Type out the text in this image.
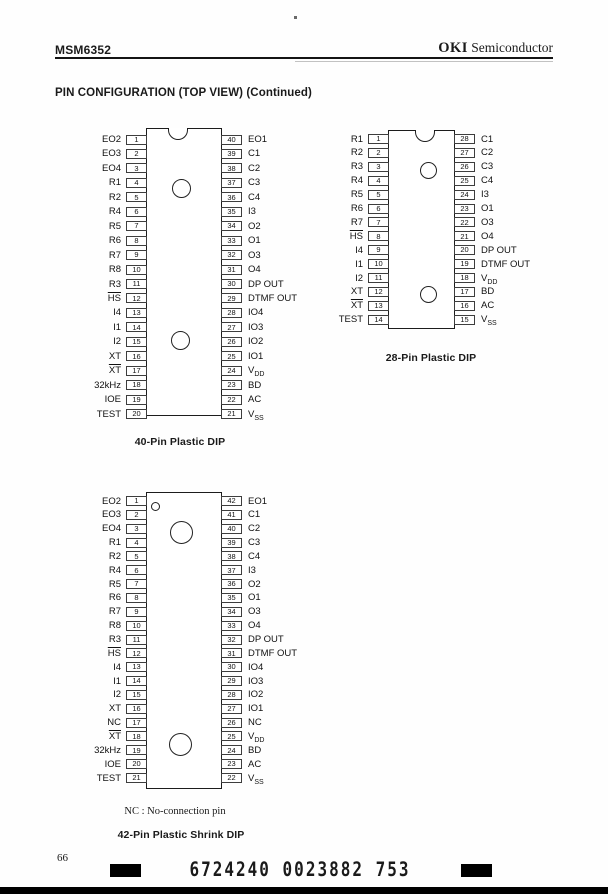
MSM6352	OKI Semiconductor
PIN CONFIGURATION (TOP VIEW) (Continued)
40-Pin Plastic DIP
28-Pin Plastic DIP
NC : No-connection pin
42-Pin Plastic Shrink DIP
66	6724240 0023882 753
1
EO2
2
EO3
3
EO4
4
R1
5
R2
6
R4
7
R5
8
R6
9
R7
10
R8
11
R3
12
$\overline{HS}$
13
I4
14
I1
15
I2
16
XT
17
$\overline{XT}$
18
32kHz
19
IOE
20
TEST
40	EO1
39	C1
38	C2
37	C3
36	C4
35	I3
34	O2
33	O1
32	O3
31	O4
30	DP OUT
29	DTMF OUT
28	IO4
27	IO3
26	IO2
25	IO1
24	$V_{DD}$
23	BD
22	AC
21	$V_{SS}$
1
R1
2
R2
3
R3
4
R4
5
R5
6
R6
7
R7
8
$\overline{HS}$
9
I4
10
I1
11
I2
12
XT
13
$\overline{XT}$
14
TEST
28	C1
27	C2
26	C3
25	C4
24	I3
23	O1
22	O3
21	O4
20	DP OUT
19	DTMF OUT
18	$V_{DD}$
17	BD
16	AC
15	$V_{SS}$
1
EO2
2
EO3
3
EO4
4
R1
5
R2
6
R4
7
R5
8
R6
9
R7
10
R8
11
R3
12
$\overline{HS}$
13
I4
14
I1
15
I2
16
XT
17
NC
18
$\overline{XT}$
19
32kHz
20
IOE
21
TEST
42	EO1
41	C1
40	C2
39	C3
38	C4
37	I3
36	O2
35	O1
34	O3
33	O4
32	DP OUT
31	DTMF OUT
30	IO4
29	IO3
28	IO2
27	IO1
26	NC
25	$V_{DD}$
24	BD
23	AC
22	$V_{SS}$
